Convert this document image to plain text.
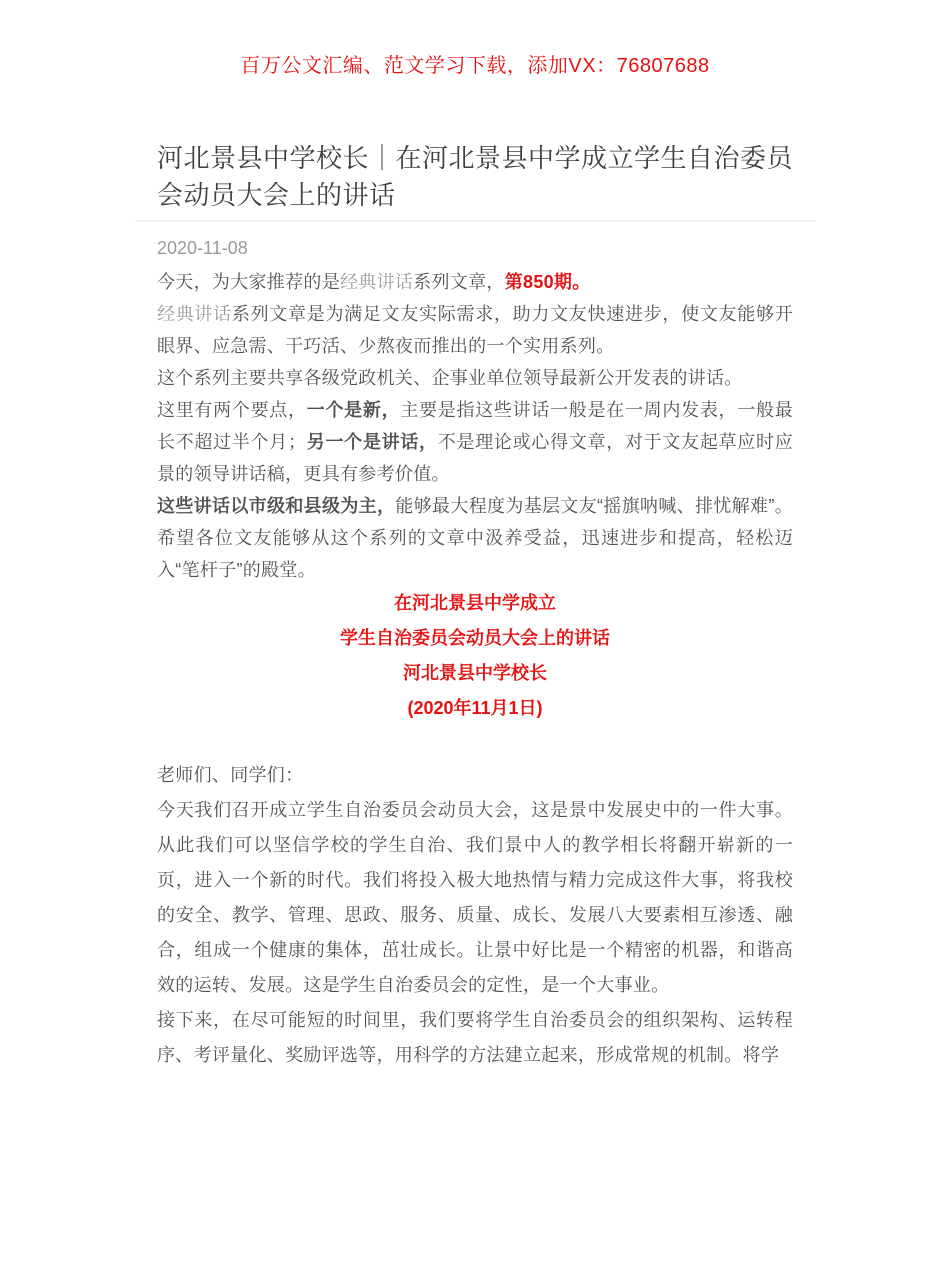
百万公文汇编、范文学习下载，添加VX：76807688
河北景县中学校长｜在河北景县中学成立学生自治委员会动员大会上的讲话
2020-11-08

今天，为大家推荐的是经典讲话系列文章，第850期。

经典讲话系列文章是为满足文友实际需求，助力文友快速进步，使文友能够开眼界、应急需、干巧活、少熬夜而推出的一个实用系列。

这个系列主要共享各级党政机关、企事业单位领导最新公开发表的讲话。

这里有两个要点，一个是新，主要是指这些讲话一般是在一周内发表，一般最长不超过半个月；另一个是讲话，不是理论或心得文章，对于文友起草应时应景的领导讲话稿，更具有参考价值。

这些讲话以市级和县级为主，能够最大程度为基层文友“摇旗呐喊、排忧解难”。希望各位文友能够从这个系列的文章中汲养受益，迅速进步和提高，轻松迈入“笔杆子”的殿堂。

在河北景县中学成立

学生自治委员会动员大会上的讲话

河北景县中学校长

(2020年11月1日)

老师们、同学们：

今天我们召开成立学生自治委员会动员大会，这是景中发展史中的一件大事。从此我们可以坚信学校的学生自治、我们景中人的教学相长将翻开崭新的一页，进入一个新的时代。我们将投入极大地热情与精力完成这件大事，将我校的安全、教学、管理、思政、服务、质量、成长、发展八大要素相互渗透、融合，组成一个健康的集体，茁壮成长。让景中好比是一个精密的机器，和谐高效的运转、发展。这是学生自治委员会的定性，是一个大事业。

接下来，在尽可能短的时间里，我们要将学生自治委员会的组织架构、运转程序、考评量化、奖励评选等，用科学的方法建立起来，形成常规的机制。将学
